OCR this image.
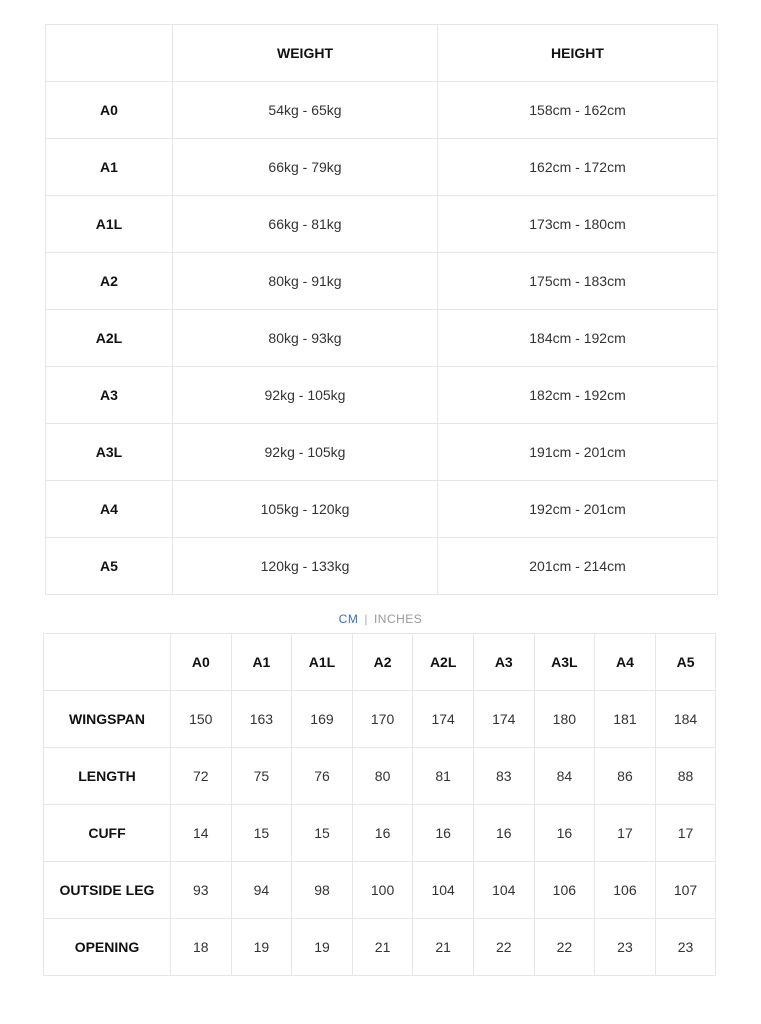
	WEIGHT	HEIGHT
A0	54kg - 65kg	158cm - 162cm
A1	66kg - 79kg	162cm - 172cm
A1L	66kg - 81kg	173cm - 180cm
A2	80kg - 91kg	175cm - 183cm
A2L	80kg - 93kg	184cm - 192cm
A3	92kg - 105kg	182cm - 192cm
A3L	92kg - 105kg	191cm - 201cm
A4	105kg - 120kg	192cm - 201cm
A5	120kg - 133kg	201cm - 214cm
CM | INCHES
	A0	A1	A1L	A2	A2L	A3	A3L	A4	A5
WINGSPAN	150	163	169	170	174	174	180	181	184
LENGTH	72	75	76	80	81	83	84	86	88
CUFF	14	15	15	16	16	16	16	17	17
OUTSIDE LEG	93	94	98	100	104	104	106	106	107
OPENING	18	19	19	21	21	22	22	23	23
